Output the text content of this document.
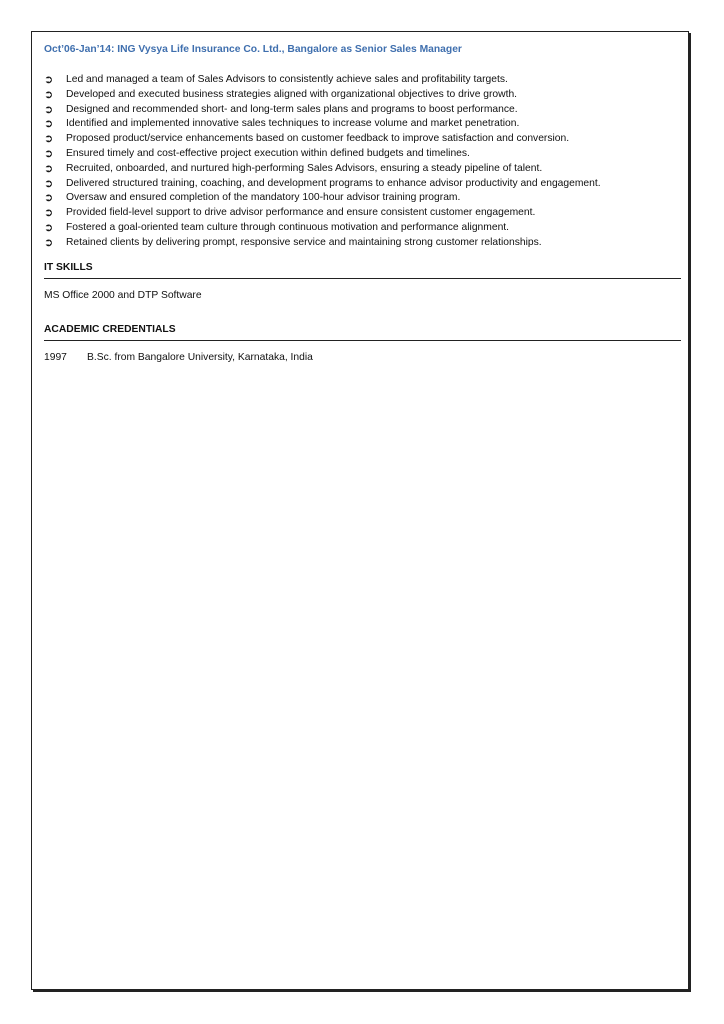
Oct’06-Jan’14: ING Vysya Life Insurance Co. Ltd., Bangalore as Senior Sales Manager
➲ Led and managed a team of Sales Advisors to consistently achieve sales and profitability targets.
➲ Developed and executed business strategies aligned with organizational objectives to drive growth.
➲ Designed and recommended short- and long-term sales plans and programs to boost performance.
➲ Identified and implemented innovative sales techniques to increase volume and market penetration.
➲ Proposed product/service enhancements based on customer feedback to improve satisfaction and conversion.
➲ Ensured timely and cost-effective project execution within defined budgets and timelines.
➲ Recruited, onboarded, and nurtured high-performing Sales Advisors, ensuring a steady pipeline of talent.
➲ Delivered structured training, coaching, and development programs to enhance advisor productivity and engagement.
➲ Oversaw and ensured completion of the mandatory 100-hour advisor training program.
➲ Provided field-level support to drive advisor performance and ensure consistent customer engagement.
➲ Fostered a goal-oriented team culture through continuous motivation and performance alignment.
➲ Retained clients by delivering prompt, responsive service and maintaining strong customer relationships.
IT SKILLS
MS Office 2000 and DTP Software
ACADEMIC CREDENTIALS
1997	B.Sc. from Bangalore University, Karnataka, India
